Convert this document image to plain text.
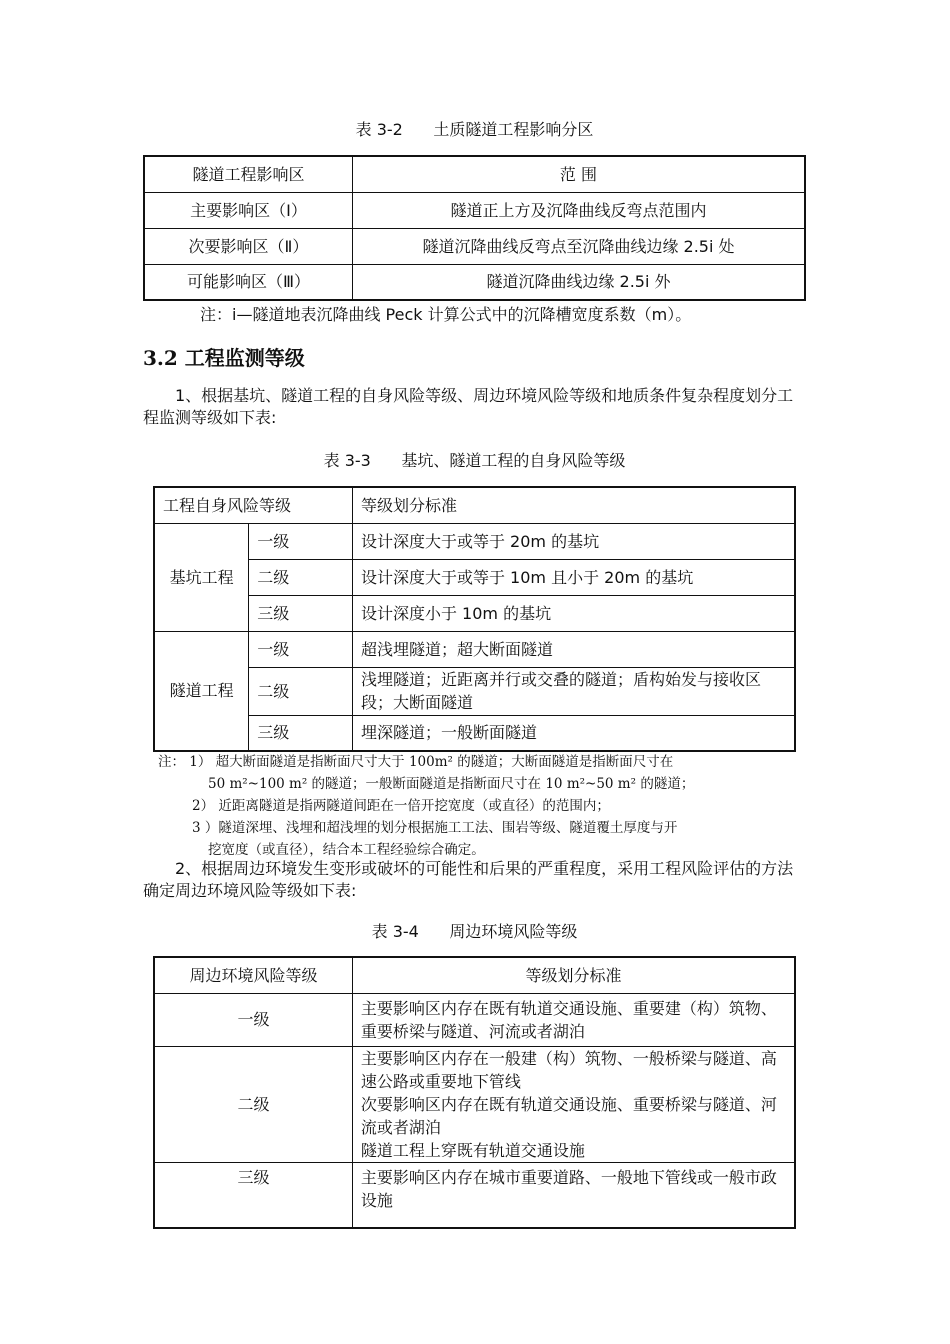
表 3-2      土质隧道工程影响分区
隧道工程影响区	范 围
主要影响区（Ⅰ）	隧道正上方及沉降曲线反弯点范围内
次要影响区（Ⅱ）	隧道沉降曲线反弯点至沉降曲线边缘 2.5i 处
可能影响区（Ⅲ）	隧道沉降曲线边缘 2.5i 外
注：i—隧道地表沉降曲线 Peck 计算公式中的沉降槽宽度系数（m）。
3.2 工程监测等级
1、根据基坑、隧道工程的自身风险等级、周边环境风险等级和地质条件复杂程度划分工程监测等级如下表:
表 3-3      基坑、隧道工程的自身风险等级
工程自身风险等级		等级划分标准
基坑工程	一级	设计深度大于或等于 20m 的基坑
	二级	设计深度大于或等于 10m 且小于 20m 的基坑
	三级	设计深度小于 10m 的基坑
隧道工程	一级	超浅埋隧道；超大断面隧道
	二级	浅埋隧道；近距离并行或交叠的隧道；盾构始发与接收区段；大断面隧道
	三级	埋深隧道；一般断面隧道
注： 1） 超大断面隧道是指断面尺寸大于 100m² 的隧道；大断面隧道是指断面尺寸在
50 m²~100 m² 的隧道；一般断面隧道是指断面尺寸在 10 m²~50 m² 的隧道；
2） 近距离隧道是指两隧道间距在一倍开挖宽度（或直径）的范围内；
3 ）隧道深埋、浅埋和超浅埋的划分根据施工工法、围岩等级、隧道覆土厚度与开
挖宽度（或直径），结合本工程经验综合确定。
2、根据周边环境发生变形或破坏的可能性和后果的严重程度，采用工程风险评估的方法确定周边环境风险等级如下表:
表 3-4      周边环境风险等级
周边环境风险等级	等级划分标准
一级	主要影响区内存在既有轨道交通设施、重要建（构）筑物、重要桥梁与隧道、河流或者湖泊

二级	主要影响区内存在一般建（构）筑物、一般桥梁与隧道、高速公路或重要地下管线
次要影响区内存在既有轨道交通设施、重要桥梁与隧道、河流或者湖泊
隧道工程上穿既有轨道交通设施

三级	主要影响区内存在城市重要道路、一般地下管线或一般市政设施
